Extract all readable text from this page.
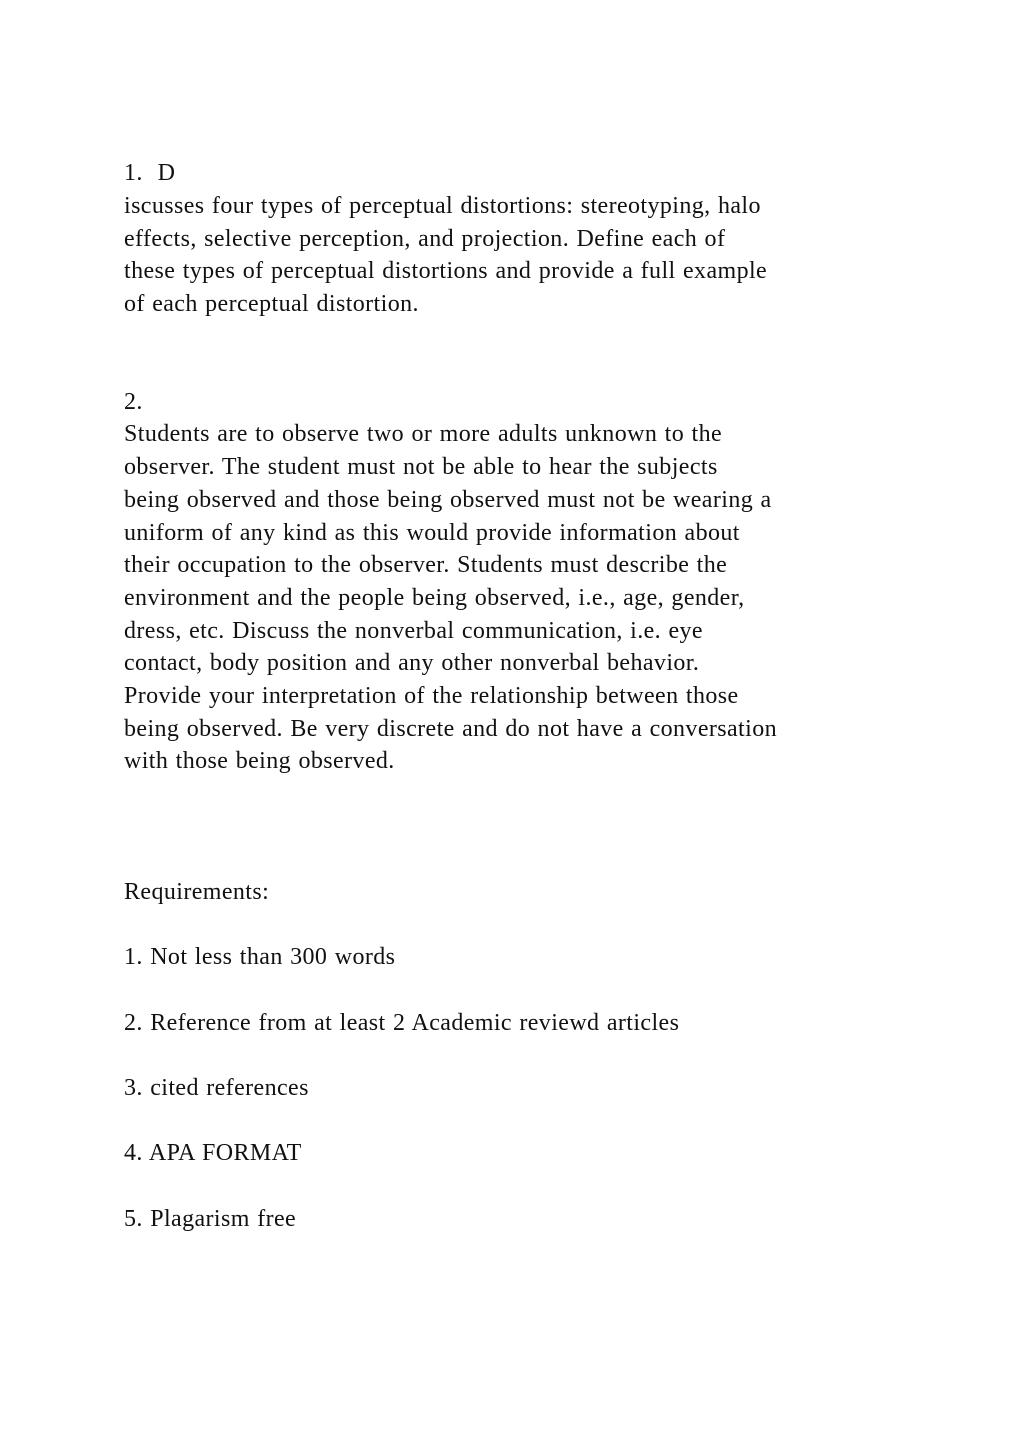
1.  D
iscusses four types of perceptual distortions: stereotyping, halo
effects, selective perception, and projection. Define each of
these types of perceptual distortions and provide a full example
of each perceptual distortion.
2.
Students are to observe two or more adults unknown to the
observer. The student must not be able to hear the subjects
being observed and those being observed must not be wearing a
uniform of any kind as this would provide information about
their occupation to the observer. Students must describe the
environment and the people being observed, i.e., age, gender,
dress, etc. Discuss the nonverbal communication, i.e. eye
contact, body position and any other nonverbal behavior.
Provide your interpretation of the relationship between those
being observed. Be very discrete and do not have a conversation
with those being observed.
Requirements:
1. Not less than 300 words
2. Reference from at least 2 Academic reviewd articles
3. cited references
4. APA FORMAT
5. Plagarism free
